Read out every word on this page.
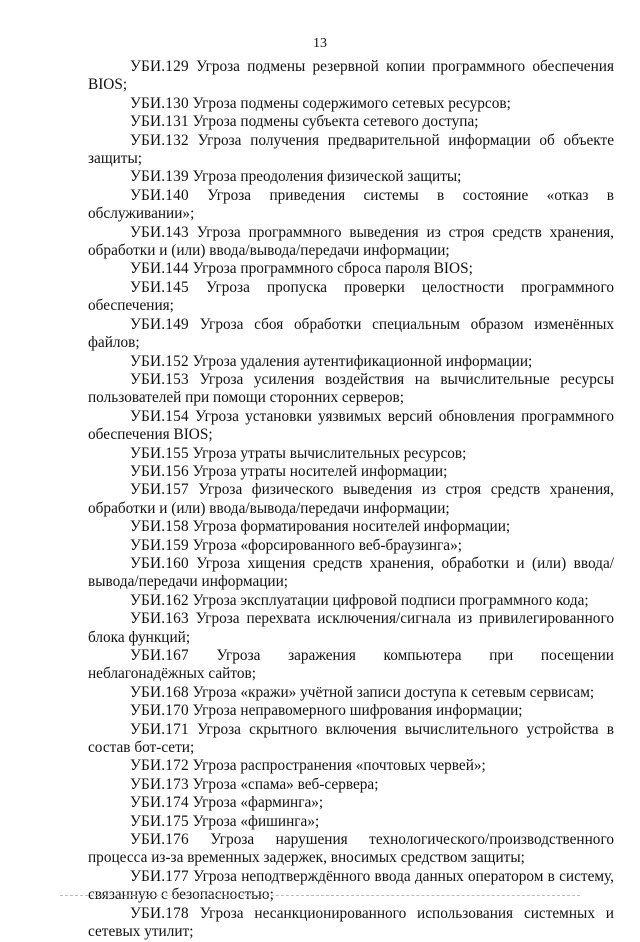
13

УБИ.129 Угроза подмены резервной копии программного обеспечения BIOS;

УБИ.130 Угроза подмены содержимого сетевых ресурсов;

УБИ.131 Угроза подмены субъекта сетевого доступа;

УБИ.132 Угроза получения предварительной информации об объекте защиты;

УБИ.139 Угроза преодоления физической защиты;

УБИ.140 Угроза приведения системы в состояние «отказ в обслуживании»;

УБИ.143 Угроза программного выведения из строя средств хранения, обработки и (или) ввода/вывода/передачи информации;

УБИ.144 Угроза программного сброса пароля BIOS;

УБИ.145 Угроза пропуска проверки целостности программного обеспечения;

УБИ.149 Угроза сбоя обработки специальным образом изменённых файлов;

УБИ.152 Угроза удаления аутентификационной информации;

УБИ.153 Угроза усиления воздействия на вычислительные ресурсы пользователей при помощи сторонних серверов;

УБИ.154 Угроза установки уязвимых версий обновления программного обеспечения BIOS;

УБИ.155 Угроза утраты вычислительных ресурсов;

УБИ.156 Угроза утраты носителей информации;

УБИ.157 Угроза физического выведения из строя средств хранения, обработки и (или) ввода/вывода/передачи информации;

УБИ.158 Угроза форматирования носителей информации;

УБИ.159 Угроза «форсированного веб-браузинга»;

УБИ.160 Угроза хищения средств хранения, обработки и (или) ввода/вывода/передачи информации;

УБИ.162 Угроза эксплуатации цифровой подписи программного кода;

УБИ.163 Угроза перехвата исключения/сигнала из привилегированного блока функций;

УБИ.167 Угроза заражения компьютера при посещении неблагонадёжных сайтов;

УБИ.168 Угроза «кражи» учётной записи доступа к сетевым сервисам;

УБИ.170 Угроза неправомерного шифрования информации;

УБИ.171 Угроза скрытного включения вычислительного устройства в состав бот-сети;

УБИ.172 Угроза распространения «почтовых червей»;

УБИ.173 Угроза «спама» веб-сервера;

УБИ.174 Угроза «фарминга»;

УБИ.175 Угроза «фишинга»;

УБИ.176 Угроза нарушения технологического/производственного процесса из-за временных задержек, вносимых средством защиты;

УБИ.177 Угроза неподтверждённого ввода данных оператором в систему, связанную с безопасностью;

УБИ.178 Угроза несанкционированного использования системных и сетевых утилит;
